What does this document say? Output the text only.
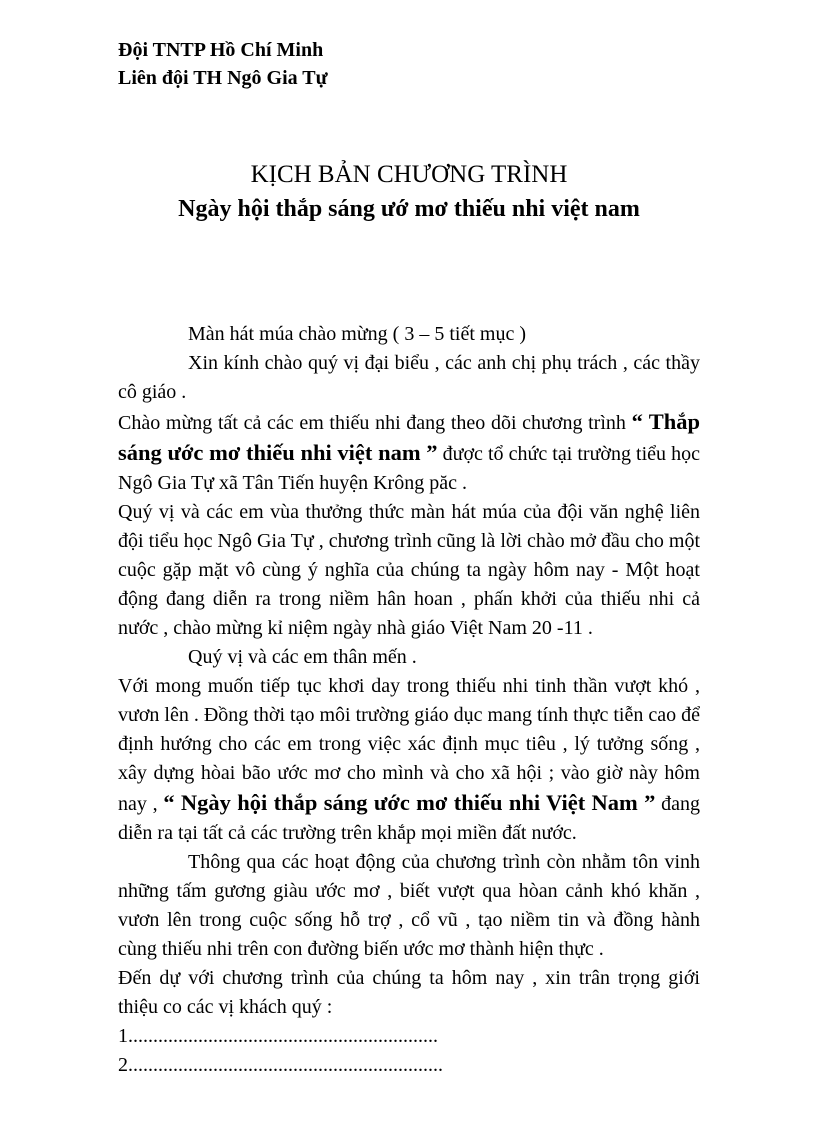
Đội TNTP Hồ Chí Minh
Liên đội TH Ngô Gia Tự
KỊCH BẢN CHƯƠNG TRÌNH
Ngày hội thắp sáng ướ mơ thiếu nhi việt nam

Màn hát múa chào mừng ( 3 – 5 tiết mục )

Xin kính chào quý vị đại biểu , các anh chị phụ trách , các thầy cô giáo .

Chào mừng tất cả các em thiếu nhi đang theo dõi chương trình “ Thắp sáng ước mơ thiếu nhi việt nam ” được tổ chức tại trường tiểu học Ngô Gia Tự xã Tân Tiến huyện Krông păc .

Quý vị và các em vùa thưởng thức màn hát múa của đội văn nghệ liên đội tiểu học Ngô Gia Tự , chương trình cũng là lời chào mở đầu cho một cuộc gặp mặt vô cùng ý nghĩa của chúng ta ngày hôm nay - Một hoạt động đang diễn ra trong niềm hân hoan , phấn khởi của thiếu nhi cả nước , chào mừng kỉ niệm ngày nhà giáo Việt Nam 20 -11 .

Quý vị và các em thân mến .

Với mong muốn tiếp tục khơi day trong thiếu nhi tinh thần vượt khó , vươn lên . Đồng thời tạo môi trường giáo dục mang tính thực tiễn cao để định hướng cho các em trong việc xác định mục tiêu , lý tưởng sống , xây dựng hòai bão ước mơ cho mình và cho xã hội ; vào giờ này hôm nay , “ Ngày hội thắp sáng ước mơ thiếu nhi Việt Nam ” đang diễn ra tại tất cả các trường trên khắp mọi miền đất nước.

Thông qua các hoạt động của chương trình còn nhằm tôn vinh những tấm gương giàu ước mơ , biết vượt qua hòan cảnh khó khăn , vươn lên trong cuộc sống hỗ trợ , cổ vũ , tạo niềm tin và đồng hành cùng thiếu nhi trên con đường biến ước mơ thành hiện thực .

Đến dự với chương trình của chúng ta hôm nay , xin trân trọng giới thiệu co các vị khách quý :

1..............................................................

2...............................................................
